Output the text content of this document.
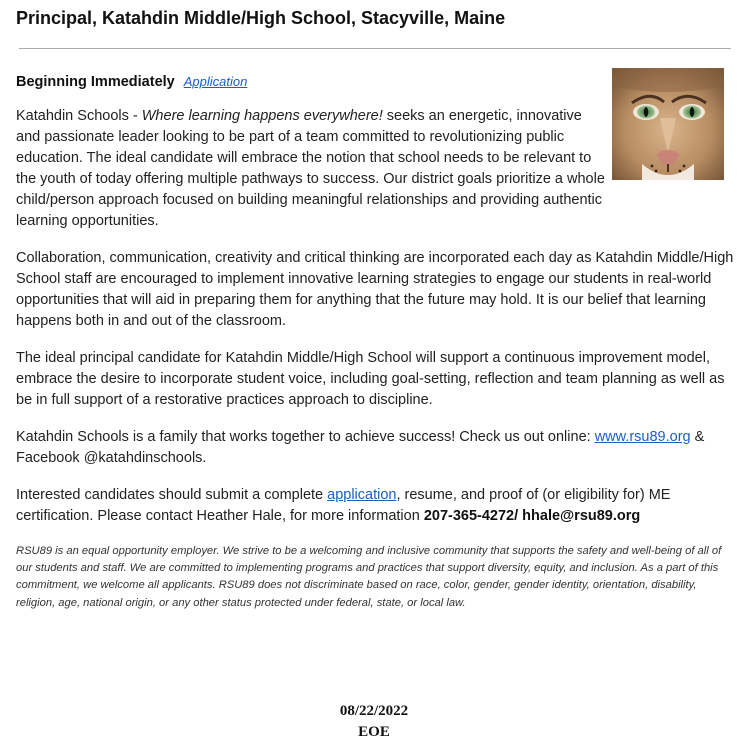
Principal, Katahdin Middle/High School, Stacyville, Maine
Beginning Immediately Application

Katahdin Schools - Where learning happens everywhere! seeks an energetic, innovative and passionate leader looking to be part of a team committed to revolutionizing public education. The ideal candidate will embrace the notion that school needs to be relevant to the youth of today offering multiple pathways to success. Our district goals prioritize a whole child/person approach focused on building meaningful relationships and providing authentic learning opportunities.

Collaboration, communication, creativity and critical thinking are incorporated each day as Katahdin Middle/High School staff are encouraged to implement innovative learning strategies to engage our students in real-world opportunities that will aid in preparing them for anything that the future may hold. It is our belief that learning happens both in and out of the classroom.

The ideal principal candidate for Katahdin Middle/High School will support a continuous improvement model, embrace the desire to incorporate student voice, including goal-setting, reflection and team planning as well as be in full support of a restorative practices approach to discipline.

Katahdin Schools is a family that works together to achieve success! Check us out online: www.rsu89.org & Facebook @katahdinschools.

Interested candidates should submit a complete application, resume, and proof of (or eligibility for) ME certification. Please contact Heather Hale, for more information 207-365-4272/ hhale@rsu89.org

RSU89 is an equal opportunity employer. We strive to be a welcoming and inclusive community that supports the safety and well-being of all of our students and staff. We are committed to implementing programs and practices that support diversity, equity, and inclusion. As a part of this commitment, we welcome all applicants. RSU89 does not discriminate based on race, color, gender, gender identity, orientation, disability, religion, age, national origin, or any other status protected under federal, state, or local law.

08/22/2022
EOE
